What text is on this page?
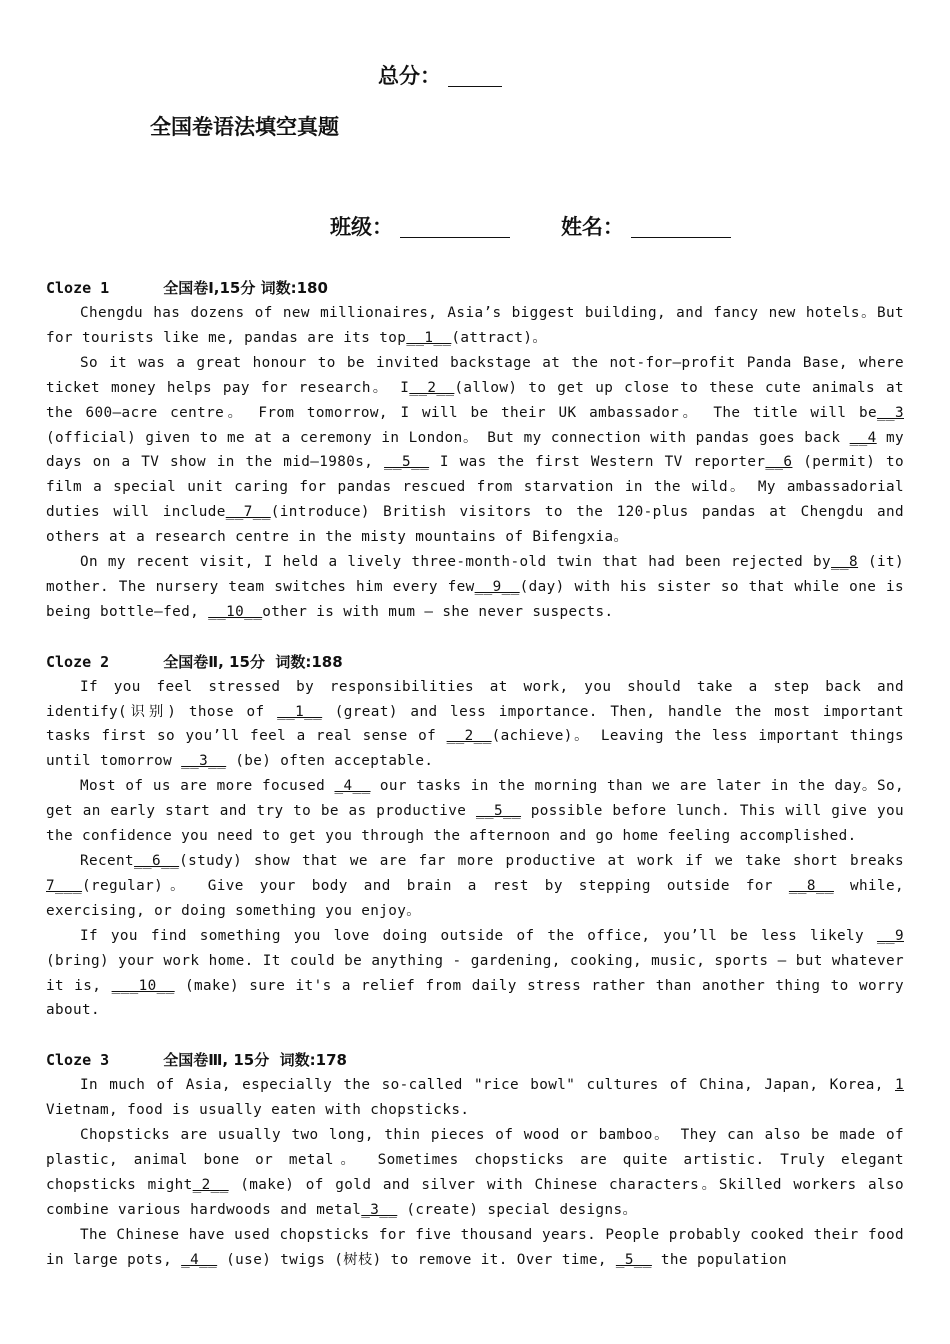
总分：
全国卷语法填空真题
班级：	姓名：
Cloze 1	全国卷Ⅰ,15分 词数:180
Chengdu has dozens of new millionaires, Asia’s biggest building, and fancy new hotels。But for tourists like me, pandas are its top__1__(attract)。
So it was a great honour to be invited backstage at the not-for—profit Panda Base, where ticket money helps pay for research。 I__2__(allow) to get up close to these cute animals at the 600—acre centre。 From tomorrow, I will be their UK ambassador。 The title will be__3 (official) given to me at a ceremony in London。 But my connection with pandas goes back __4 my days on a TV show in the mid—1980s, __5__ I was the first Western TV reporter__6 (permit) to film a special unit caring for pandas rescued from starvation in the wild。 My ambassadorial duties will include__7__(introduce) British visitors to the 120-plus pandas at Chengdu and others at a research centre in the misty mountains of Bifengxia。
On my recent visit, I held a lively three-month-old twin that had been rejected by__8 (it) mother. The nursery team switches him every few__9__(day) with his sister so that while one is being bottle—fed, __10__other is with mum — she never suspects.
Cloze 2	全国卷Ⅱ, 15分  词数:188
If you feel stressed by responsibilities at work, you should take a step back and identify(识别) those of __1__ (great) and less importance. Then, handle the most important tasks first so you’ll feel a real sense of __2__(achieve)。 Leaving the less important things until tomorrow __3__ (be) often acceptable.
Most of us are more focused _4__ our tasks in the morning than we are later in the day。So, get an early start and try to be as productive __5__ possible before lunch. This will give you the confidence you need to get you through the afternoon and go home feeling accomplished.
Recent__6__(study) show that we are far more productive at work if we take short breaks 7___(regular)。 Give your body and brain a rest by stepping outside for __8__ while, exercising, or doing something you enjoy。
If you find something you love doing outside of the office, you’ll be less likely __9 (bring) your work home. It could be anything - gardening, cooking, music, sports — but whatever it is, ___10__ (make) sure it's a relief from daily stress rather than another thing to worry about.
Cloze 3	全国卷Ⅲ, 15分  词数:178
In much of Asia, especially the so-called "rice bowl" cultures of China, Japan, Korea, 1 Vietnam, food is usually eaten with chopsticks.
Chopsticks are usually two long, thin pieces of wood or bamboo。 They can also be made of plastic, animal bone or metal。 Sometimes chopsticks are quite artistic. Truly elegant chopsticks might_2__ (make) of gold and silver with Chinese characters。Skilled workers also combine various hardwoods and metal_3__ (create) special designs。
The Chinese have used chopsticks for five thousand years. People probably cooked their food in large pots, _4__ (use) twigs (树枝) to remove it. Over time, _5__ the population
